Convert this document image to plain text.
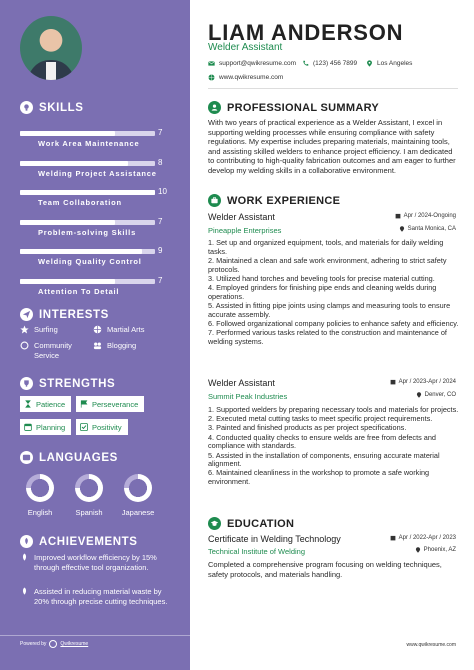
SKILLS
Work Area Maintenance
7
Welding Project Assistance
8
Team Collaboration
10
Problem-solving Skills
7
Welding Quality Control
9
Attention To Detail
7
INTERESTS
Surfing	Martial Arts
Community Service
Blogging
STRENGTHS
Patience	Perseverance
Planning	Positivity
LANGUAGES
English	Spanish	Japanese
ACHIEVEMENTS
Improved workflow efficiency by 15% through effective tool organization.
Assisted in reducing material waste by 20% through precise cutting techniques.
Powered by	Qwikresume
LIAM ANDERSON
Welder Assistant
support@qwikresume.com	(123) 456 7899	Los Angeles
www.qwikresume.com
PROFESSIONAL SUMMARY
With two years of practical experience as a Welder Assistant, I excel in supporting welding processes while ensuring compliance with safety regulations. My expertise includes preparing materials, maintaining tools, and assisting skilled welders to enhance project efficiency. I am dedicated to contributing to high-quality fabrication outcomes and am eager to further develop my welding skills in a collaborative environment.
WORK EXPERIENCE
Welder Assistant	Apr / 2024-Ongoing
Pineapple Enterprises	Santa Monica, CA
1. Set up and organized equipment, tools, and materials for daily welding tasks.
2. Maintained a clean and safe work environment, adhering to strict safety protocols.
3. Utilized hand torches and beveling tools for precise material cutting.
4. Employed grinders for finishing pipe ends and cleaning welds during operations.
5. Assisted in fitting pipe joints using clamps and measuring tools to ensure accurate assembly.
6. Followed organizational company policies to enhance safety and efficiency.
7. Performed various tasks related to the construction and maintenance of welding systems.
Welder Assistant	Apr / 2023-Apr / 2024
Summit Peak Industries	Denver, CO
1. Supported welders by preparing necessary tools and materials for projects.
2. Executed metal cutting tasks to meet specific project requirements.
3. Painted and finished products as per project specifications.
4. Conducted quality checks to ensure welds are free from defects and compliance with standards.
5. Assisted in the installation of components, ensuring accurate material alignment.
6. Maintained cleanliness in the workshop to promote a safe working environment.
EDUCATION
Certificate in Welding Technology	Apr / 2022-Apr / 2023
Technical Institute of Welding	Phoenix, AZ
Completed a comprehensive program focusing on welding techniques, safety protocols, and materials handling.
www.qwikresume.com
